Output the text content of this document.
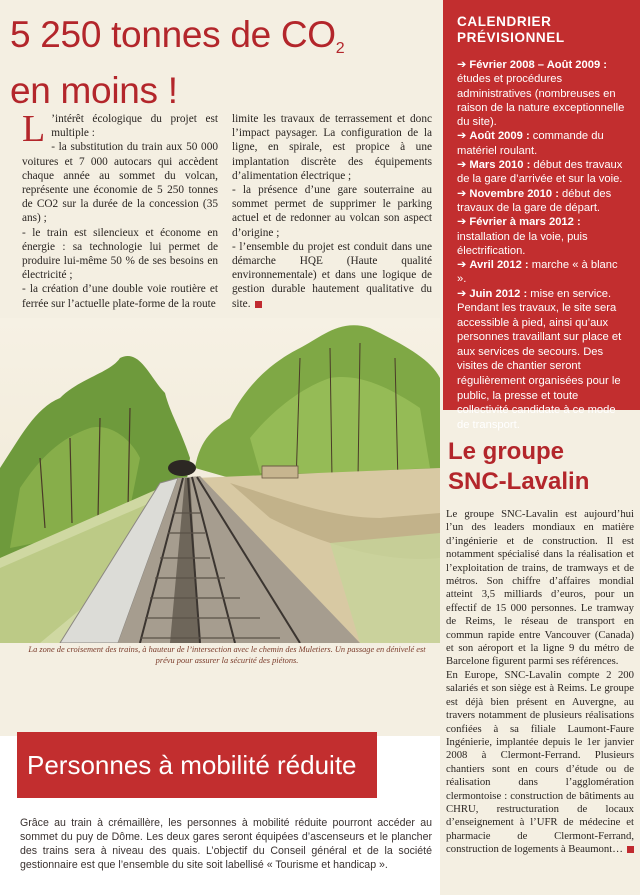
5 250 tonnes de $CO_2$
en moins !
L ’intérêt écologique du projet est multiple :

- la substitution du train aux 50 000 voitures et 7 000 autocars qui accèdent chaque année au sommet du volcan, représente une économie de 5 250 tonnes de CO2 sur la durée de la concession (35 ans) ;

- le train est silencieux et économe en énergie : sa technologie lui permet de produire lui-même 50 % de ses besoins en électricité ;

- la création d’une double voie routière et ferrée sur l’actuelle plate-forme de la route

limite les travaux de terrassement et donc l’impact paysager. La configuration de la ligne, en spirale, est propice à une implantation discrète des équipements d’alimentation électrique ;

- la présence d’une gare souterraine au sommet permet de supprimer le parking actuel et de redonner au volcan son aspect d’origine ;

- l’ensemble du projet est conduit dans une démarche HQE (Haute qualité environnementale) et dans une logique de gestion durable hautement qualitative du site.

CALENDRIER
PRÉVISIONNEL

➔ Février 2008 – Août 2009 : études et procédures administratives (nombreuses en raison de la nature exceptionnelle du site).

➔ Août 2009 : commande du matériel roulant.

➔ Mars 2010 : début des travaux de la gare d’arrivée et sur la voie.

➔ Novembre 2010 : début des travaux de la gare de départ.

➔ Février à mars 2012 : installation de la voie, puis électrification.

➔ Avril 2012 : marche « à blanc ».

➔ Juin 2012 : mise en service.

Pendant les travaux, le site sera accessible à pied, ainsi qu’aux personnes travaillant sur place et aux services de secours. Des visites de chantier seront régulièrement organisées pour le public, la presse et toute collectivité candidate à ce mode de transport.

La zone de croisement des trains, à hauteur de l’intersection avec le chemin des Muletiers. Un passage en dénivelé est
prévu pour assurer la sécurité des piétons.

Le groupe
SNC-Lavalin

Le groupe SNC-Lavalin est aujourd’hui l’un des leaders mondiaux en matière d’ingénierie et de construction. Il est notamment spécialisé dans la réalisation et l’exploitation de trains, de tramways et de métros. Son chiffre d’affaires mondial atteint 3,5 milliards d’euros, pour un effectif de 15 000 personnes. Le tramway de Reims, le réseau de transport en commun rapide entre Vancouver (Canada) et son aéroport et la ligne 9 du métro de Barcelone figurent parmi ses références.

En Europe, SNC-Lavalin compte 2 200 salariés et son siège est à Reims. Le groupe est déjà bien présent en Auvergne, au travers notamment de plusieurs réalisations confiées à sa filiale Laumont-Faure Ingénierie, implantée depuis le 1er janvier 2008 à Clermont-Ferrand. Plusieurs chantiers sont en cours d’étude ou de réalisation dans l’agglomération clermontoise : construction de bâtiments au CHRU, restructuration de locaux d’enseignement à l’UFR de médecine et pharmacie de Clermont-Ferrand, construction de logements à Beaumont…

Personnes à mobilité réduite

Grâce au train à crémaillère, les personnes à mobilité réduite pourront accéder au sommet du puy de Dôme. Les deux gares seront équipées d’ascenseurs et le plancher des trains sera à niveau des quais. L’objectif du Conseil général et de la société gestionnaire est que l’ensemble du site soit labellisé « Tourisme et handicap ».
